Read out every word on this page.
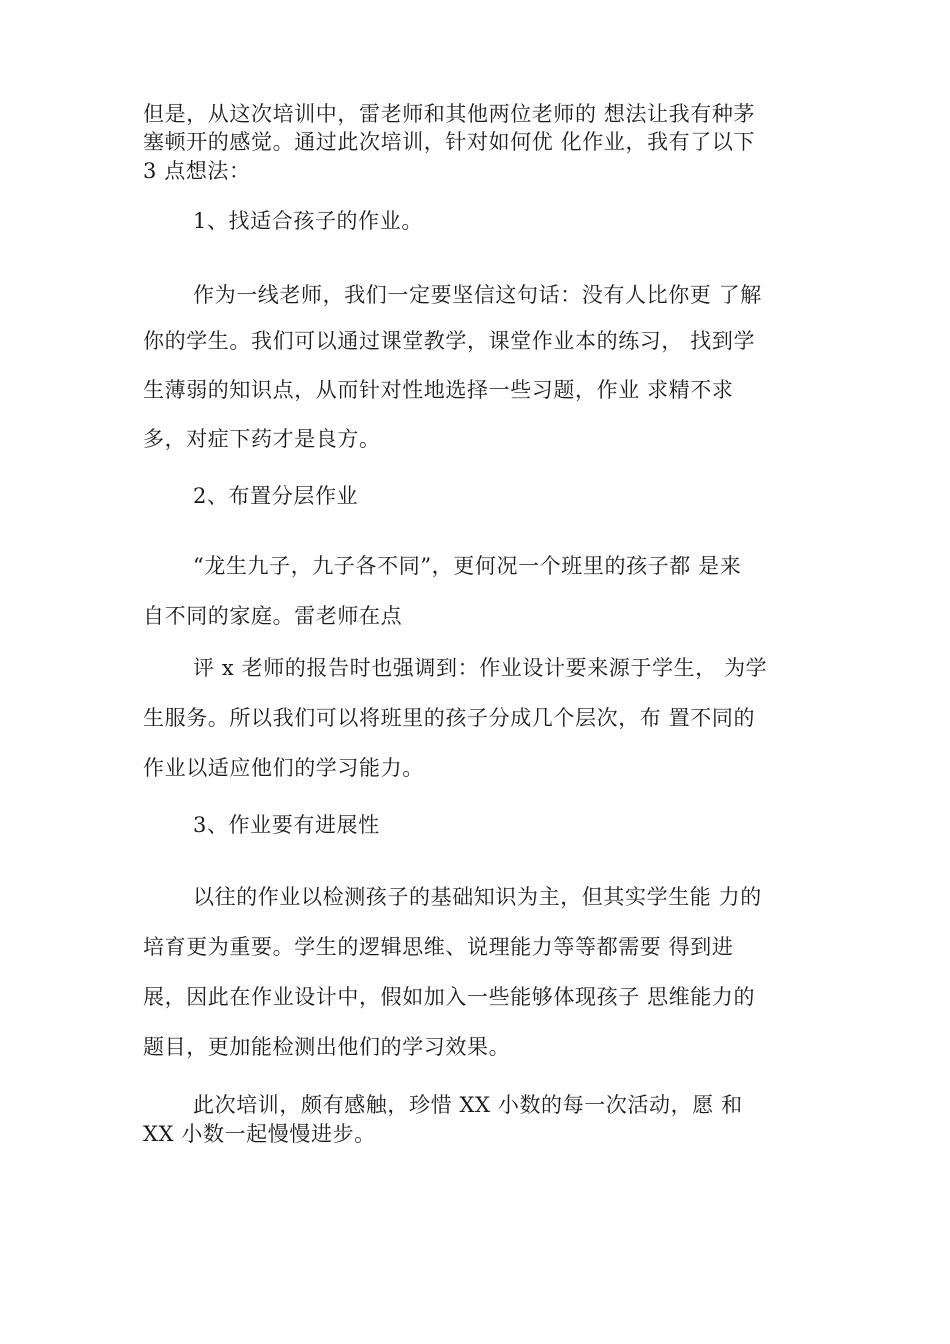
但是，从这次培训中，雷老师和其他两位老师的 想法让我有种茅
塞顿开的感觉。通过此次培训，针对如何优 化作业，我有了以下
3 点想法：
1、找适合孩子的作业。
作为一线老师，我们一定要坚信这句话：没有人比你更 了解
你的学生。我们可以通过课堂教学，课堂作业本的练习， 找到学
生薄弱的知识点，从而针对性地选择一些习题，作业 求精不求
多，对症下药才是良方。
2、布置分层作业
“龙生九子，九子各不同”，更何况一个班里的孩子都 是来
自不同的家庭。雷老师在点
评 x 老师的报告时也强调到：作业设计要来源于学生， 为学
生服务。所以我们可以将班里的孩子分成几个层次，布 置不同的
作业以适应他们的学习能力。
3、作业要有进展性
以往的作业以检测孩子的基础知识为主，但其实学生能 力的
培育更为重要。学生的逻辑思维、说理能力等等都需要 得到进
展，因此在作业设计中，假如加入一些能够体现孩子 思维能力的
题目，更加能检测出他们的学习效果。
此次培训，颇有感触，珍惜 XX 小数的每一次活动，愿 和
XX 小数一起慢慢进步。
